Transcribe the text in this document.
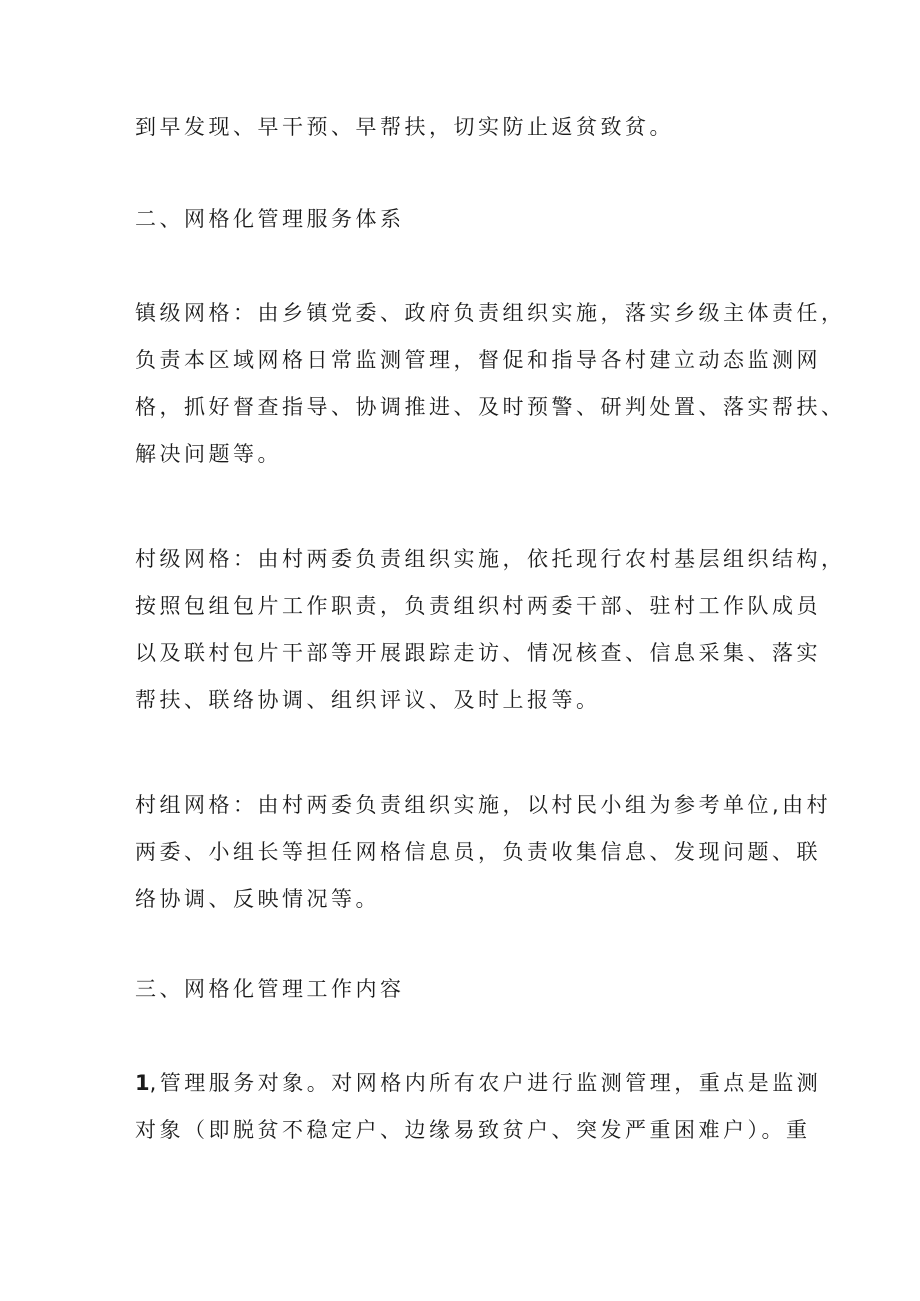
到早发现、早干预、早帮扶，切实防止返贫致贫。
二、网格化管理服务体系
镇级网格：由乡镇党委、政府负责组织实施，落实乡级主体责任，
负责本区域网格日常监测管理，督促和指导各村建立动态监测网
格，抓好督查指导、协调推进、及时预警、研判处置、落实帮扶、
解决问题等。
村级网格：由村两委负责组织实施，依托现行农村基层组织结构，
按照包组包片工作职责，负责组织村两委干部、驻村工作队成员
以及联村包片干部等开展跟踪走访、情况核查、信息采集、落实
帮扶、联络协调、组织评议、及时上报等。
村组网格：由村两委负责组织实施，以村民小组为参考单位,由村
两委、小组长等担任网格信息员，负责收集信息、发现问题、联
络协调、反映情况等。
三、网格化管理工作内容
1,管理服务对象。对网格内所有农户进行监测管理，重点是监测
对象（即脱贫不稳定户、边缘易致贫户、突发严重困难户）。重
